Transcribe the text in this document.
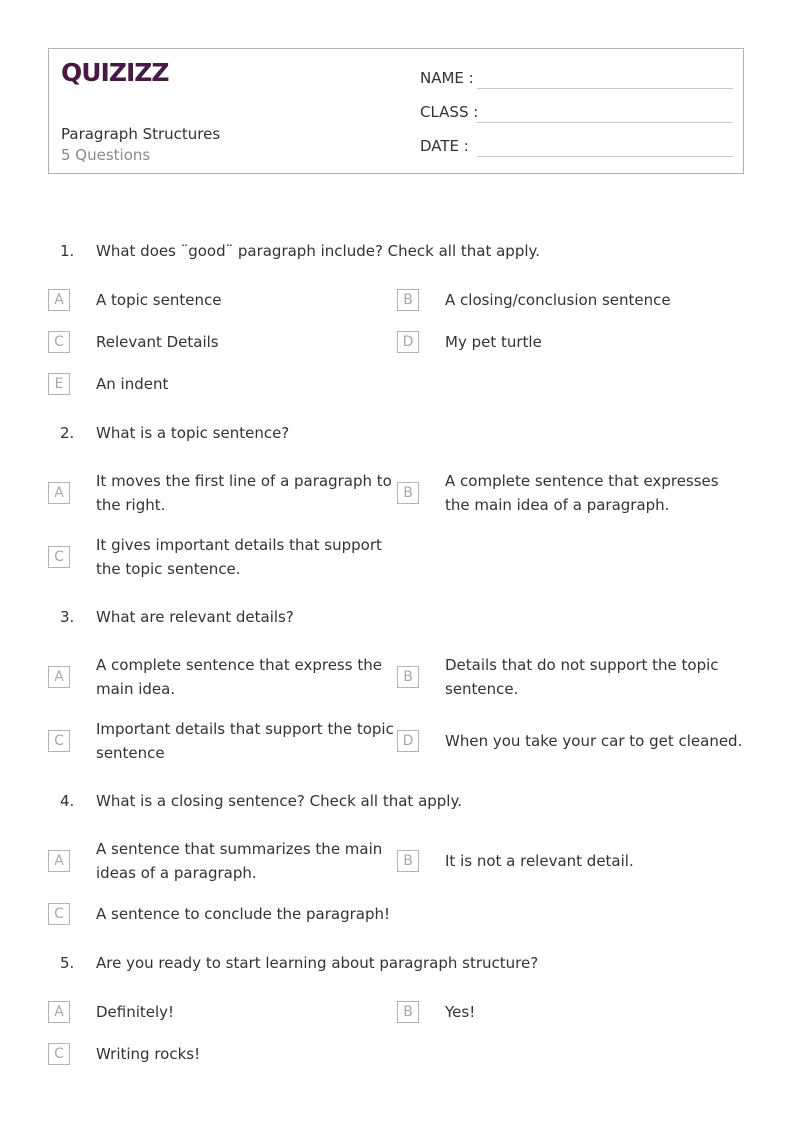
QUIZIZZ
Paragraph Structures
5 Questions
NAME :
CLASS :
DATE :
1. What does ¨good¨ paragraph include? Check all that apply.
A	A topic sentence	B	A closing/conclusion sentence
C	Relevant Details	D	My pet turtle
E	An indent
2. What is a topic sentence?
A
It moves the first line of a paragraph to the right.
B
A complete sentence that expresses the main idea of a paragraph.
C
It gives important details that support the topic sentence.
3. What are relevant details?
A
A complete sentence that express the main idea.
B
Details that do not support the topic sentence.
C
Important details that support the topic sentence
D	When you take your car to get cleaned.
4. What is a closing sentence? Check all that apply.
A
A sentence that summarizes the main ideas of a paragraph.
B	It is not a relevant detail.
C	A sentence to conclude the paragraph!
5. Are you ready to start learning about paragraph structure?
A	Definitely!	B	Yes!
C	Writing rocks!
